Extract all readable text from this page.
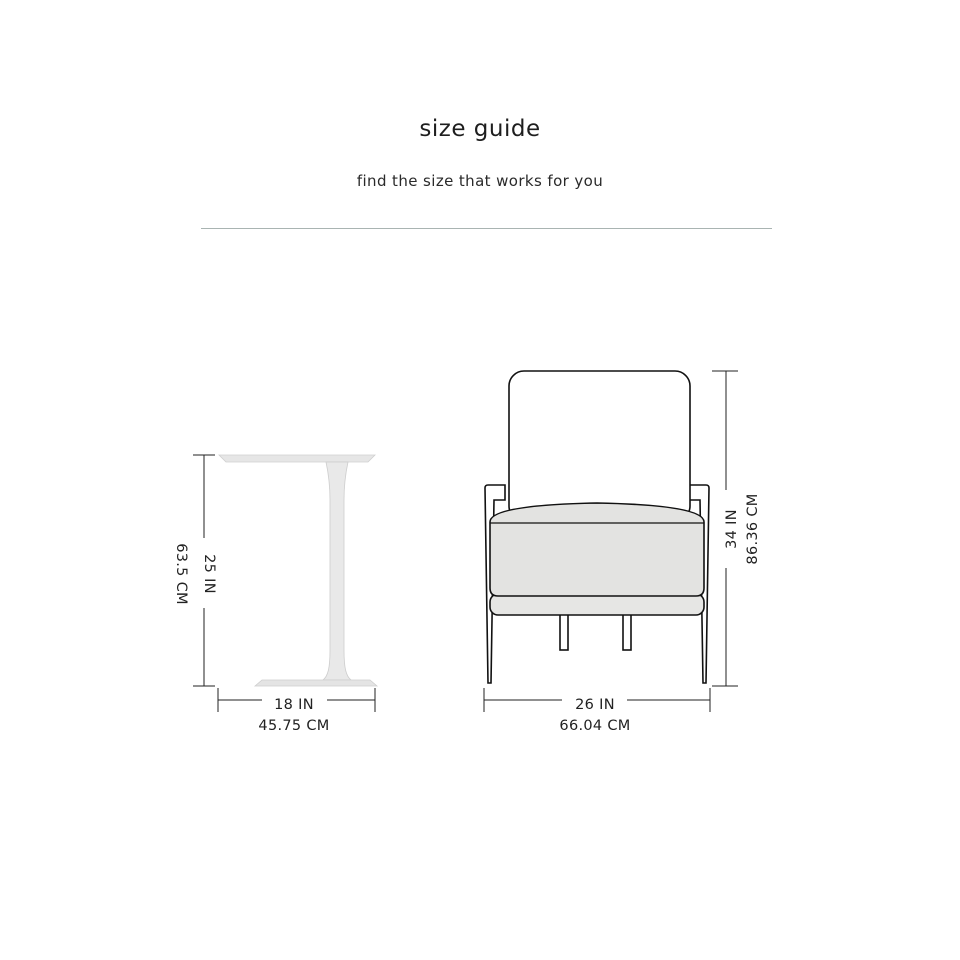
size guide
find the size that works for you
25 IN
63.5 CM
18 IN
45.75 CM
34 IN 86.36 CM
26 IN
66.04 CM
